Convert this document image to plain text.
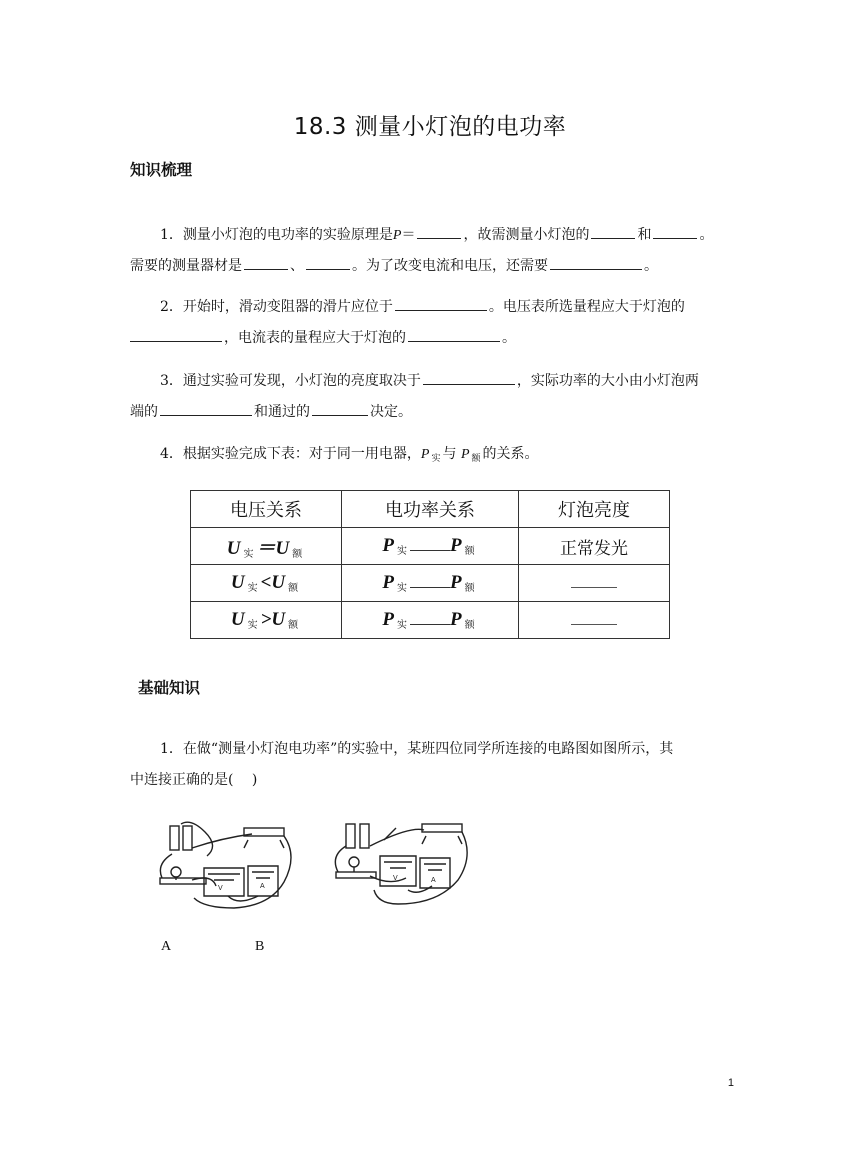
18.3 测量小灯泡的电功率
知识梳理
1．测量小灯泡的电功率的实验原理是P＝	，故需测量小灯泡的	和	。
需要的测量器材是	、	。为了改变电流和电压，还需要	。
2．开始时，滑动变阻器的滑片应位于	。电压表所选量程应大于灯泡的
，电流表的量程应大于灯泡的	。
3．通过实验可发现，小灯泡的亮度取决于	，实际功率的大小由小灯泡两
端的	和通过的	决定。
4．根据实验完成下表：对于同一用电器，P $_实$ 与 P $_额$ 的关系。
电压关系	电功率关系	灯泡亮度
U 实 ＝U 额	P 实 P 额	正常发光
U 实 <U 额	P 实 P 额	
U 实 >U 额	P 实 P 额	
基础知识
1．在做“测量小灯泡电功率”的实验中，某班四位同学所连接的电路图如图所示，其
中连接正确的是(　 )
V	A
V	A
A	B
1
